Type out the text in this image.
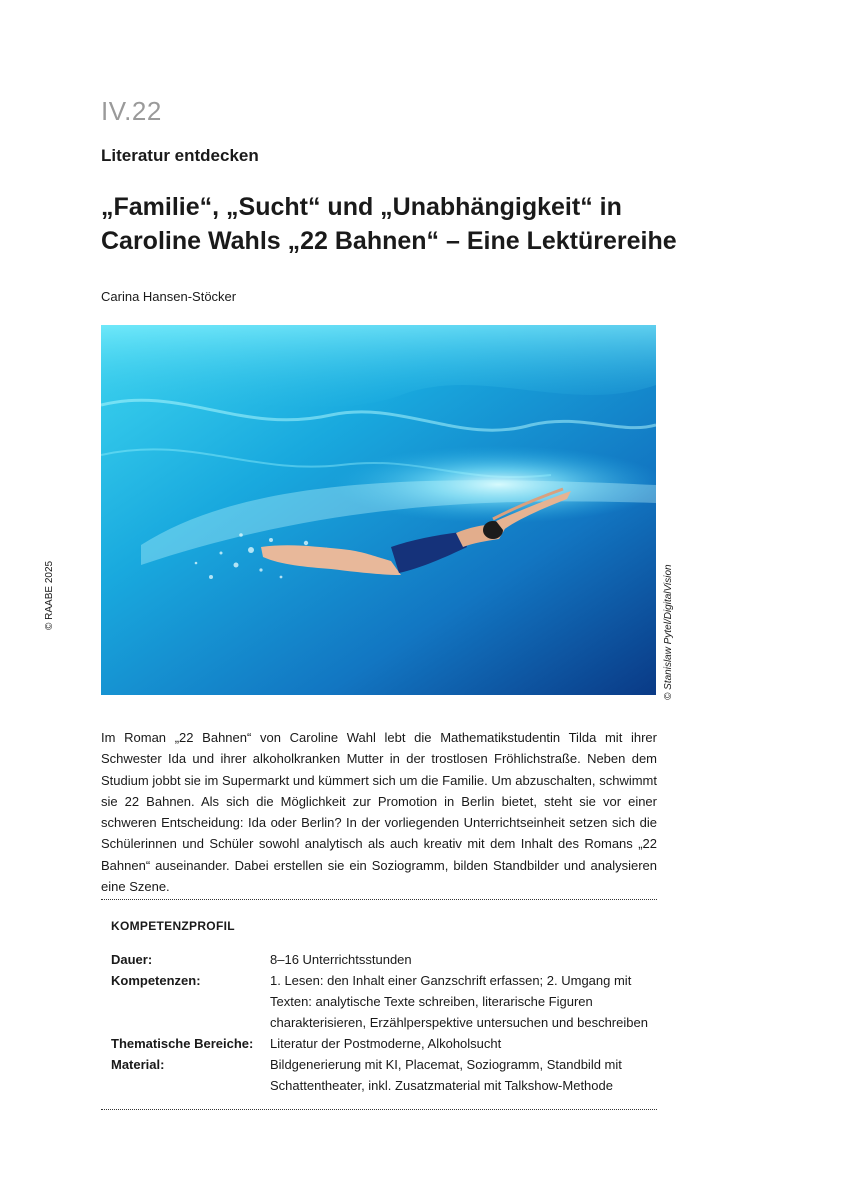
IV.22
Literatur entdecken
„Familie“, „Sucht“ und „Unabhängigkeit“ in
Caroline Wahls „22 Bahnen“ – Eine Lektürereihe
Carina Hansen-Stöcker
© RAABE 2025	© Stanislaw Pytel/DigitalVision
Im Roman „22 Bahnen“ von Caroline Wahl lebt die Mathematikstudentin Tilda mit ihrer Schwester Ida und ihrer alkoholkranken Mutter in der trostlosen Fröhlichstraße. Neben dem Studium jobbt sie im Supermarkt und kümmert sich um die Familie. Um abzuschalten, schwimmt sie 22 Bahnen. Als sich die Möglichkeit zur Promotion in Berlin bietet, steht sie vor einer schweren Entscheidung: Ida oder Berlin? In der vorliegenden Unterrichtseinheit setzen sich die Schülerinnen und Schüler sowohl analytisch als auch kreativ mit dem Inhalt des Romans „22 Bahnen“ auseinander. Dabei erstellen sie ein Soziogramm, bilden Standbilder und analysieren eine Szene.
KOMPETENZPROFIL
Dauer:	8–16 Unterrichtsstunden
Kompetenzen:	1. Lesen: den Inhalt einer Ganzschrift erfassen; 2. Umgang mit Texten: analytische Texte schreiben, literarische Figuren charakterisieren, Erzählperspektive untersuchen und beschreiben
Thematische Bereiche:	Literatur der Postmoderne, Alkoholsucht
Material:	Bildgenerierung mit KI, Placemat, Soziogramm, Standbild mit Schattentheater, inkl. Zusatzmaterial mit Talkshow-Methode
